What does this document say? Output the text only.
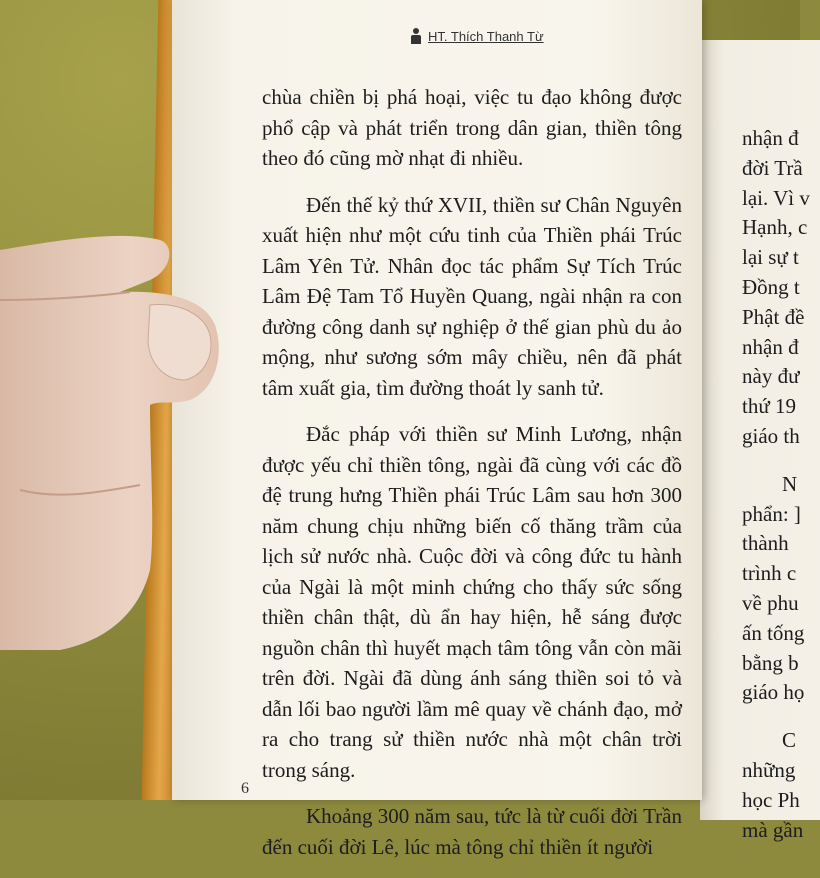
HT. Thích Thanh Từ

chùa chiền bị phá hoại, việc tu đạo không được phổ cập và phát triển trong dân gian, thiền tông theo đó cũng mờ nhạt đi nhiều.

Đến thế kỷ thứ XVII, thiền sư Chân Nguyên xuất hiện như một cứu tinh của Thiền phái Trúc Lâm Yên Tử. Nhân đọc tác phẩm Sự Tích Trúc Lâm Đệ Tam Tổ Huyền Quang, ngài nhận ra con đường công danh sự nghiệp ở thế gian phù du ảo mộng, như sương sớm mây chiều, nên đã phát tâm xuất gia, tìm đường thoát ly sanh tử.

Đắc pháp với thiền sư Minh Lương, nhận được yếu chỉ thiền tông, ngài đã cùng với các đồ đệ trung hưng Thiền phái Trúc Lâm sau hơn 300 năm chung chịu những biến cố thăng trầm của lịch sử nước nhà. Cuộc đời và công đức tu hành của Ngài là một minh chứng cho thấy sức sống thiền chân thật, dù ẩn hay hiện, hễ sáng được nguồn chân thì huyết mạch tâm tông vẫn còn mãi trên đời. Ngài đã dùng ánh sáng thiền soi tỏ và dẫn lối bao người lầm mê quay về chánh đạo, mở ra cho trang sử thiền nước nhà một chân trời trong sáng.

Khoảng 300 năm sau, tức là từ cuối đời Trần đến cuối đời Lê, lúc mà tông chỉ thiền ít người

6
nhận đ
đời Trầ
lại. Vì v
Hạnh, c
lại sự t
Đồng t
Phật đề
nhận đ
này đư
thứ 19
giáo th
N
phẩn: ]
thành
trình c
về phu
ấn tống
bằng b
giáo họ
C
những
học Ph
mà gần
